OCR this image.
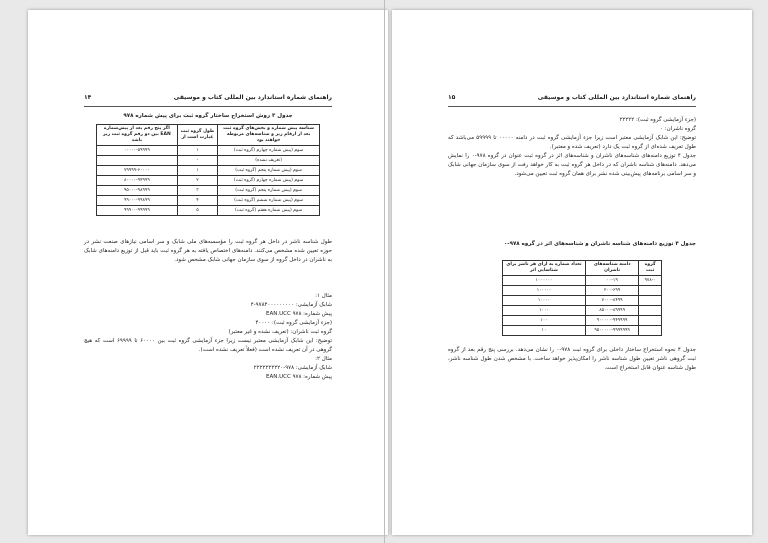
۱۴	راهنمای شماره استاندارد بین المللی کتاب و موسیقی
جدول ۳ روش استخراج ساختار گروه ثبت برای پیش شماره ۹۷۸
شناسه پیش شماره و بخش‌های گروه ثبت بعد از ارقام زیر و شناسه‌های مربوطه خواهند بود	طول گروه ثبت عبارت است از	اگر پنج رقم بعد از پیش‌شماره EAN بین دو رقم گروه ثبت زیر باشد
سوم (پیش شماره چهارم (گروه ثبت)	۱	۰۰۰۰۰-۵۹۹۹۹
(تعریف نشده)	-	
سوم (پیش شماره پنجم (گروه ثبت)	۱	۷۹۹۹۹-۶۰۰۰۰
سوم (پیش شماره چهارم (گروه ثبت)	۲	۸۰۰۰۰-۹۴۹۹۹
سوم (پیش شماره پنجم (گروه ثبت)	۳	۹۵۰۰۰-۹۸۹۹۹
سوم (پیش شماره ششم (گروه ثبت)	۴	۹۹۰۰۰-۹۹۸۹۹
سوم (پیش شماره هفتم (گروه ثبت)	۵	۹۹۹۰۰-۹۹۹۹۹

طول شناسه ناشر در داخل هر گروه ثبت را مؤسسه‌های ملی شابک و سر اسامی نیازهای صنعت نشر در حوزه تعیین شده مشخص می‌کنند. دامنه‌های اختصاص یافته به هر گروه ثبت باید قبل از توزیع دامنه‌های شابک به ناشران در داخل گروه از سوی سازمان جهانی شابک مشخص شود.

مثال ۱:

شابک آزمایشی: ۹۷۸۴۰۰۰۰۰۰۰۰۰-۴

پیش شماره: EAN.UCC ۹۷۸

(جزء آزمایشی گروه ثبت): ۴۰۰۰۰

گروه ثبت ناشران: (تعریف نشده و غیر معتبر)

توضیح: این شابک آزمایشی معتبر نیست زیرا جزء آزمایشی گروه ثبت بین ۶۰۰۰۰ تا ۶۹۹۹۹ است که هیچ گروهی در آن تعریف نشده است (فعلاً تعریف نشده است).

مثال ۲:

شابک آزمایشی: ۹۷۸-۲۲۲۲۲۲۲۲۲۰

پیش شماره: EAN.UCC ۹۷۸

۱۵	راهنمای شماره استاندارد بین المللی کتاب و موسیقی

(جزء آزمایشی گروه ثبت): ۲۲۲۲۲

گروه ناشران: ۰

توضیح: این شابک آزمایشی معتبر است زیرا جزء آزمایشی گروه ثبت در دامنه ۰۰۰۰۰ تا ۵۹۹۹۹ می‌باشد که طول تعریف شده‌ای از گروه ثبت یک دارد (تعریف شده و معتبر).

جدول ۴ توزیع دامنه‌های شناسه‌های ناشران و شناسه‌های اثر در گروه ثبت عنوان در گروه ۹۷۸-۰ را نمایش می‌دهد. دامنه‌های شناسه ناشران که در داخل هر گروه ثبت به کار خواهد رفت از سوی سازمان جهانی شابک و سر اسامی برنامه‌های پیش‌بینی شده نشر برای همان گروه ثبت تعیین می‌شود.

جدول ۴ توزیع دامنه‌های شناسه ناشران و شناسه‌های اثر در گروه ۹۷۸-۰
گروه ثبت	دامنه شناسه‌های ناشران	تعداد شماره به ازای هر ناشر برای شناسایی اثر
۹۷۸-۰	۰۰-۱۹	۱۰۰۰۰۰۰
	۲۰۰-۶۹۹	۱۰۰۰۰۰
	۷۰۰۰-۸۴۹۹	۱۰۰۰۰
	۸۵۰۰۰-۸۹۹۹۹	۱۰۰۰
	۹۰۰۰۰۰-۹۴۹۹۹۹	۱۰۰
	۹۵۰۰۰۰۰-۹۹۹۹۹۹۹	۱۰

جدول ۴ نحوه استخراج ساختار داخلی برای گروه ثبت ۹۷۸-۰ را نشان می‌دهد. بررسی پنج رقم بعد از گروه ثبت گروهی ناشر تعیین طول شناسه ناشر را امکان‌پذیر خواهد ساخت. با مشخص شدن طول شناسه ناشر، طول شناسه عنوان قابل استخراج است.
